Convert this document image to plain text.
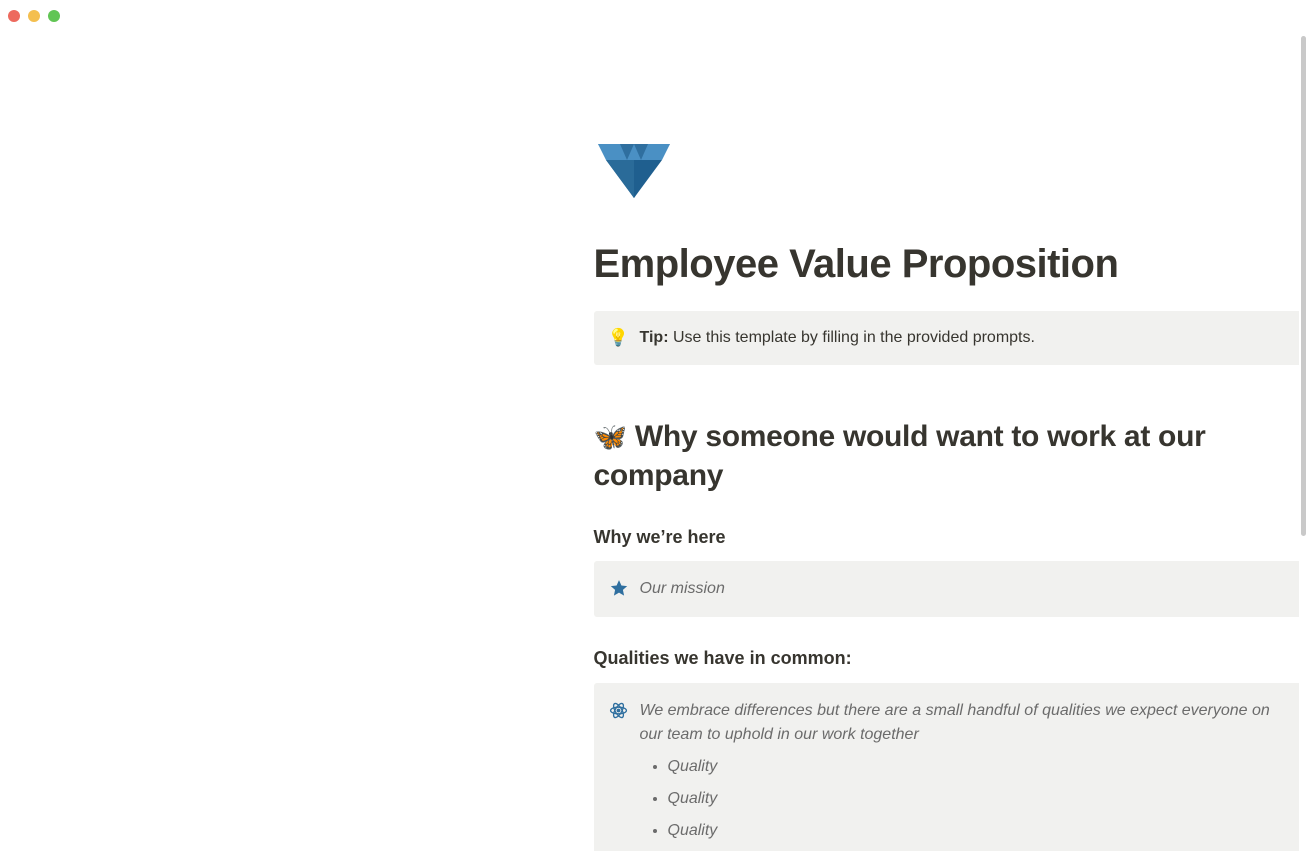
Employee Value Proposition
💡 Tip: Use this template by filling in the provided prompts.
🦋 Why someone would want to work at our company
Why we’re here
Our mission
Qualities we have in common:
We embrace differences but there are a small handful of qualities we expect everyone on our team to uphold in our work together
• Quality
• Quality
• Quality
